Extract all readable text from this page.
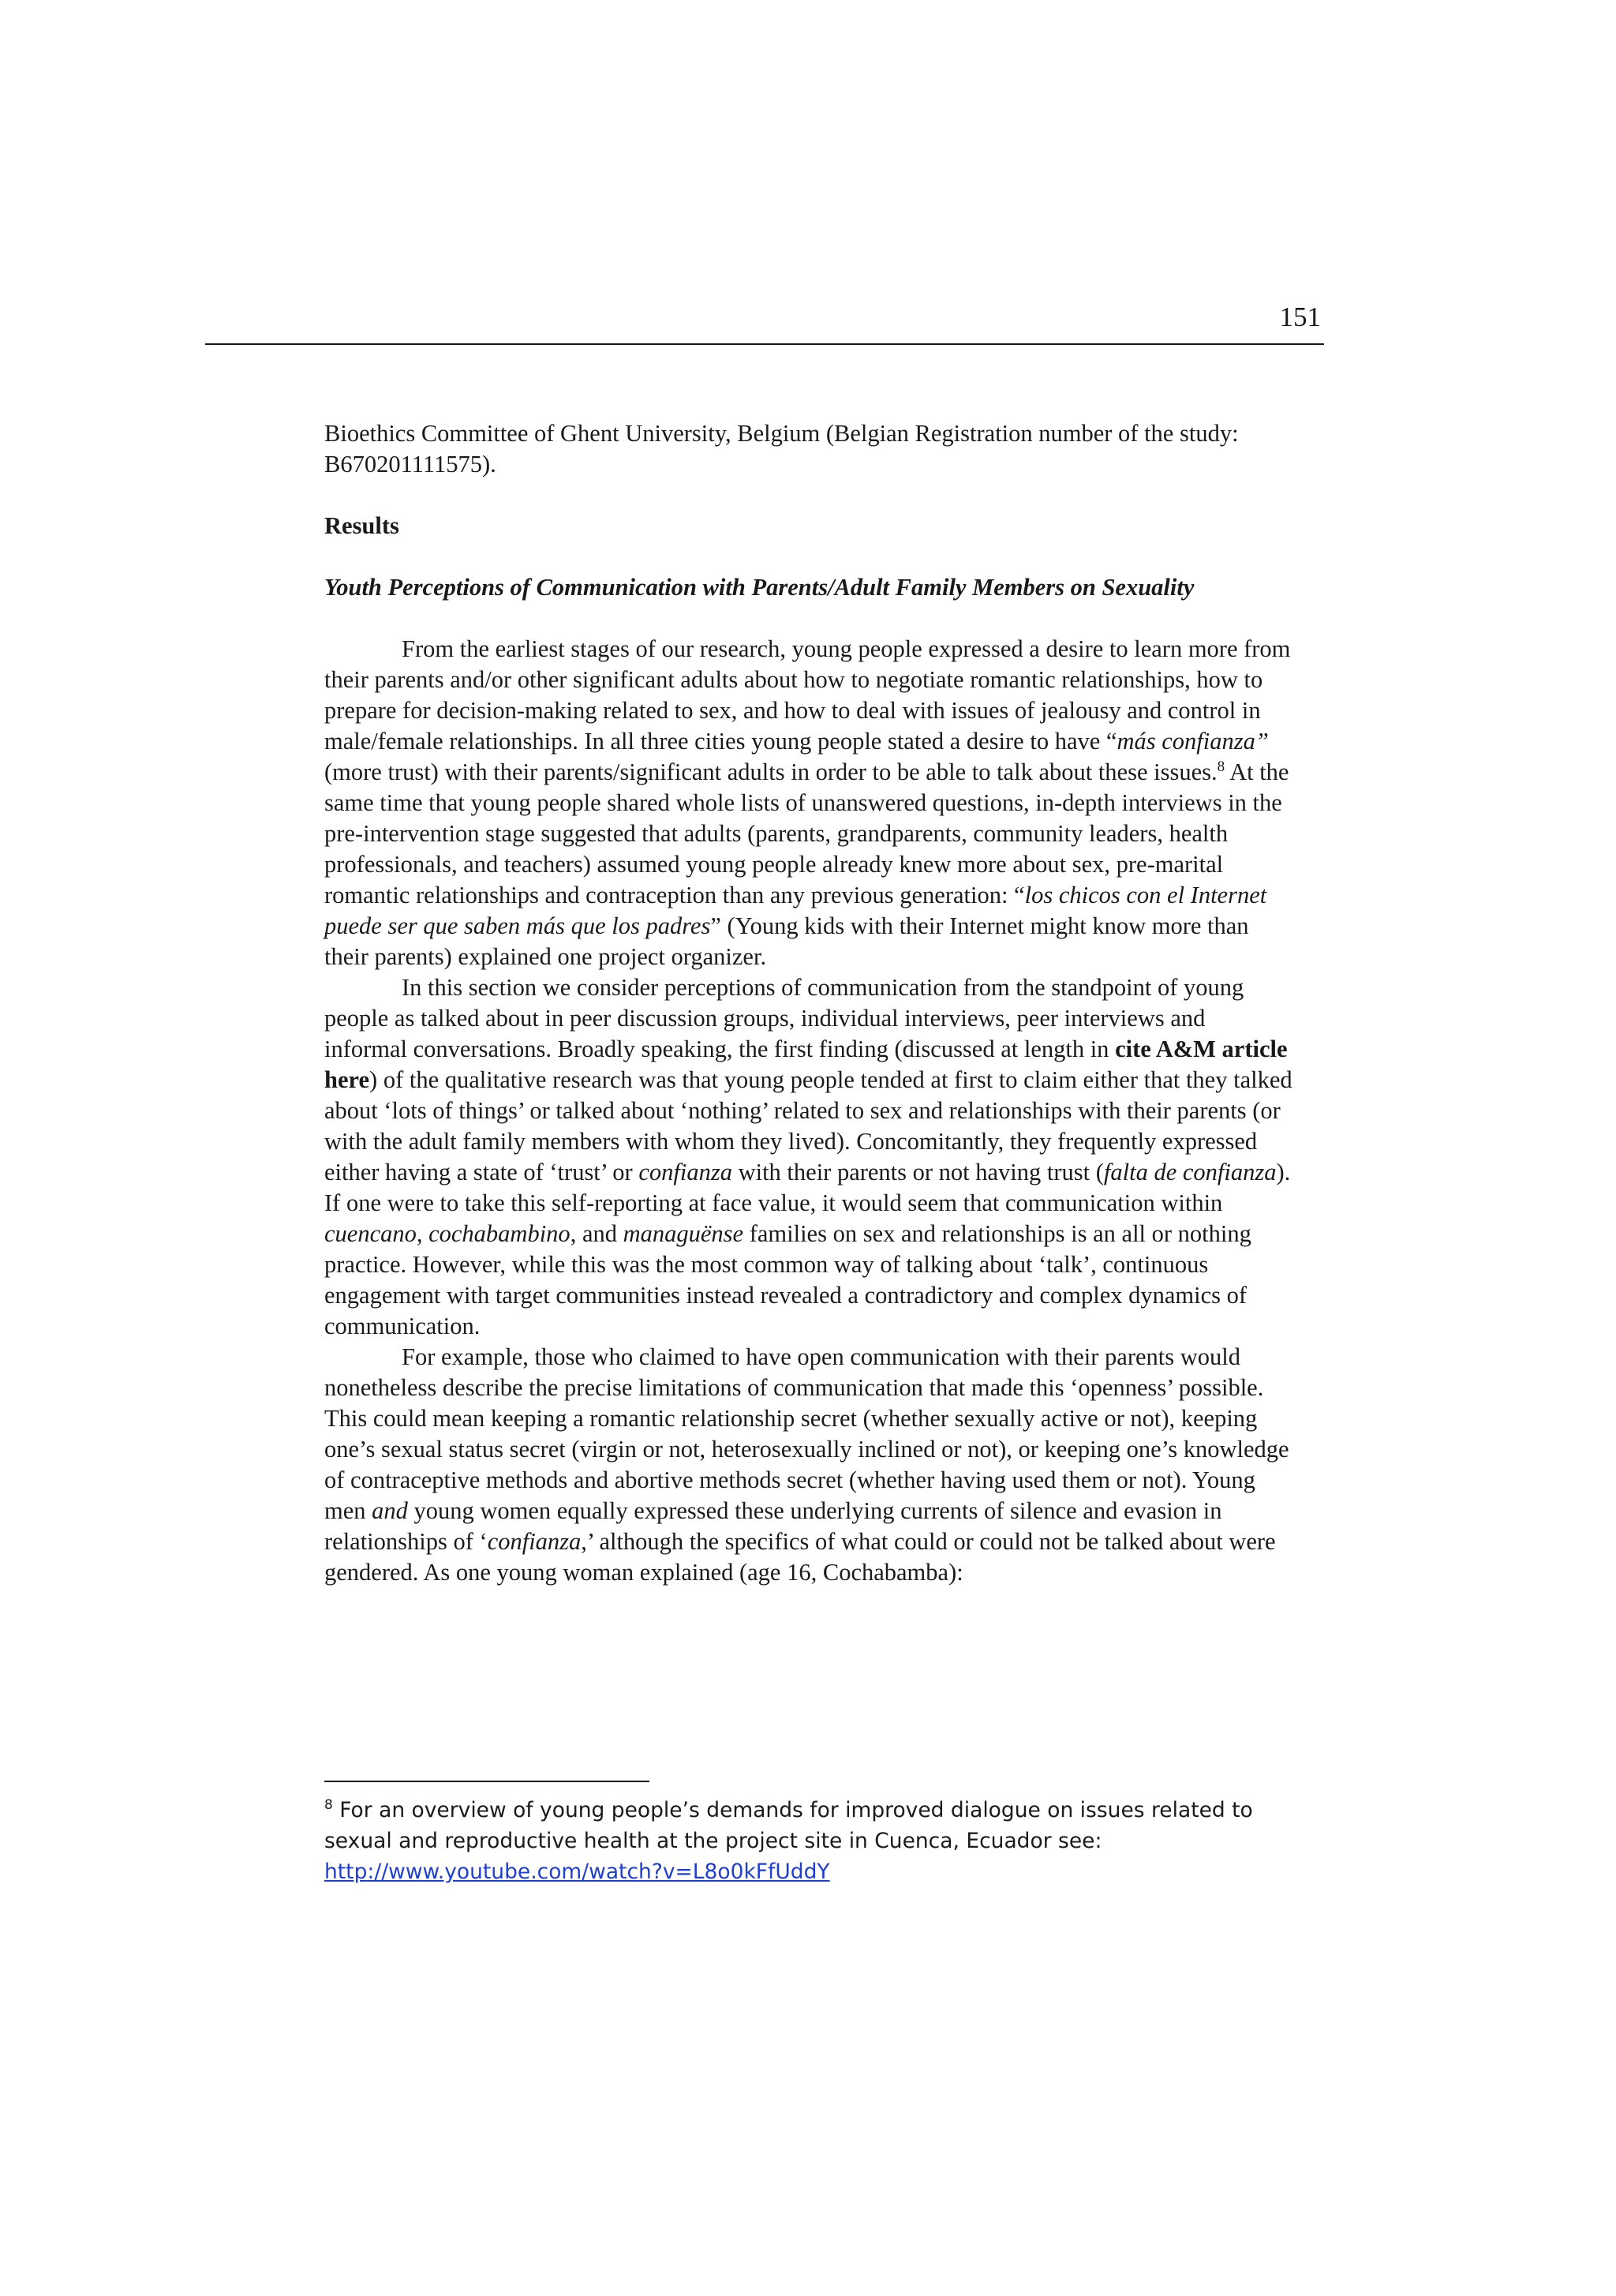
151

Bioethics Committee of Ghent University, Belgium (Belgian Registration number of the study: B670201111575).

Results

Youth Perceptions of Communication with Parents/Adult Family Members on Sexuality

From the earliest stages of our research, young people expressed a desire to learn more from their parents and/or other significant adults about how to negotiate romantic relationships, how to prepare for decision-making related to sex, and how to deal with issues of jealousy and control in male/female relationships. In all three cities young people stated a desire to have “más confianza” (more trust) with their parents/significant adults in order to be able to talk about these issues.$^8$ At the same time that young people shared whole lists of unanswered questions, in-depth interviews in the pre-intervention stage suggested that adults (parents, grandparents, community leaders, health professionals, and teachers) assumed young people already knew more about sex, pre-marital romantic relationships and contraception than any previous generation: “los chicos con el Internet puede ser que saben más que los padres” (Young kids with their Internet might know more than their parents) explained one project organizer.

In this section we consider perceptions of communication from the standpoint of young people as talked about in peer discussion groups, individual interviews, peer interviews and informal conversations. Broadly speaking, the first finding (discussed at length in cite A&M article here) of the qualitative research was that young people tended at first to claim either that they talked about ‘lots of things’ or talked about ‘nothing’ related to sex and relationships with their parents (or with the adult family members with whom they lived). Concomitantly, they frequently expressed either having a state of ‘trust’ or confianza with their parents or not having trust (falta de confianza). If one were to take this self-reporting at face value, it would seem that communication within cuencano, cochabambino, and managuënse families on sex and relationships is an all or nothing practice. However, while this was the most common way of talking about ‘talk’, continuous engagement with target communities instead revealed a contradictory and complex dynamics of communication.

For example, those who claimed to have open communication with their parents would nonetheless describe the precise limitations of communication that made this ‘openness’ possible. This could mean keeping a romantic relationship secret (whether sexually active or not), keeping one’s sexual status secret (virgin or not, heterosexually inclined or not), or keeping one’s knowledge of contraceptive methods and abortive methods secret (whether having used them or not). Young men and young women equally expressed these underlying currents of silence and evasion in relationships of ‘confianza,’ although the specifics of what could or could not be talked about were gendered. As one young woman explained (age 16, Cochabamba):

$^8$ For an overview of young people’s demands for improved dialogue on issues related to sexual and reproductive health at the project site in Cuenca, Ecuador see: http://www.youtube.com/watch?v=L8o0kFfUddY
